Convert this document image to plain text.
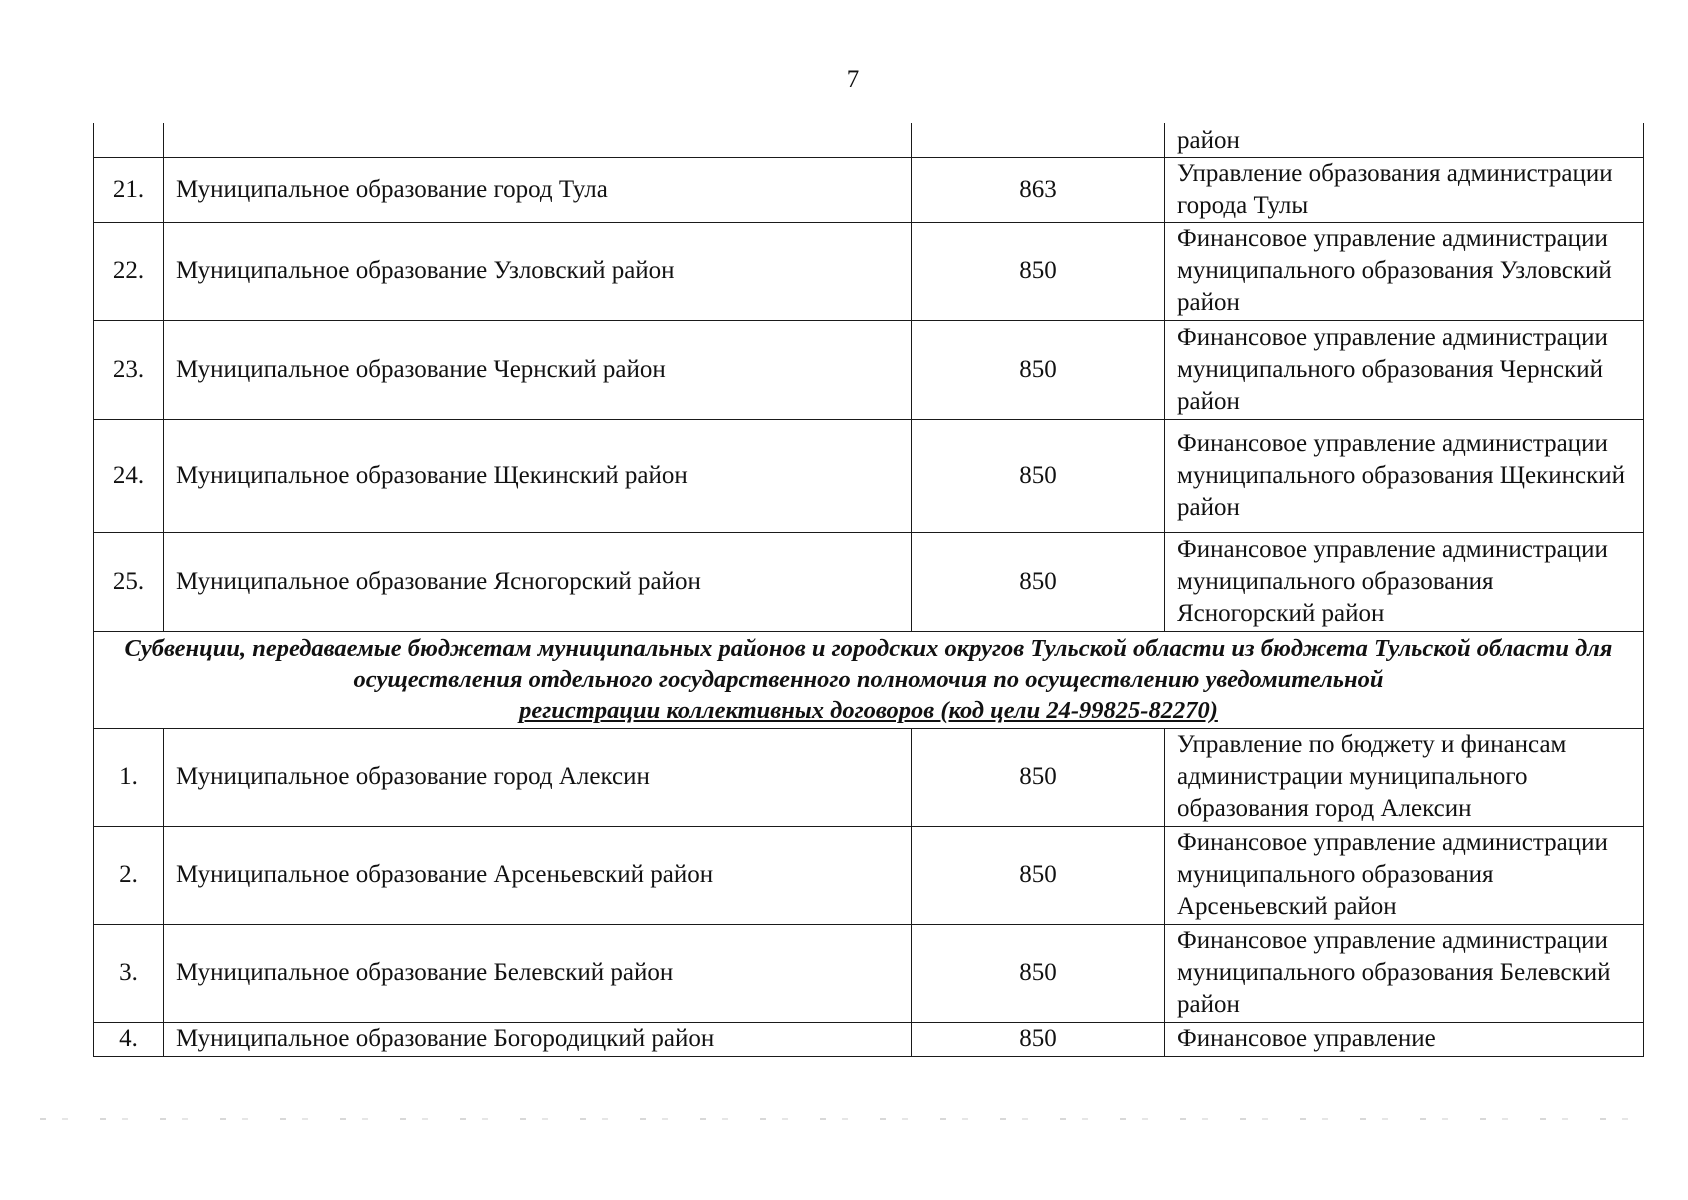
7
			район
21.	Муниципальное образование город Тула	863	Управление образования администрации города Тулы
22.	Муниципальное образование Узловский район	850	Финансовое управление администрации муниципального образования Узловский район
23.	Муниципальное образование Чернский район	850	Финансовое управление администрации муниципального образования Чернский район
24.	Муниципальное образование Щекинский район	850	Финансовое управление администрации муниципального образования Щекинский район
25.	Муниципальное образование Ясногорский район	850	Финансовое управление администрации муниципального образования Ясногорский район
Субвенции, передаваемые бюджетам муниципальных районов и городских округов Тульской области из бюджета Тульской области для осуществления отдельного государственного полномочия по осуществлению уведомительной
регистрации коллективных договоров (код цели 24-99825-82270)			
1.	Муниципальное образование город Алексин	850	Управление по бюджету и финансам администрации муниципального образования город Алексин
2.	Муниципальное образование Арсеньевский район	850	Финансовое управление администрации муниципального образования Арсеньевский район
3.	Муниципальное образование Белевский район	850	Финансовое управление администрации муниципального образования Белевский район
4.	Муниципальное образование Богородицкий район	850	Финансовое управление
